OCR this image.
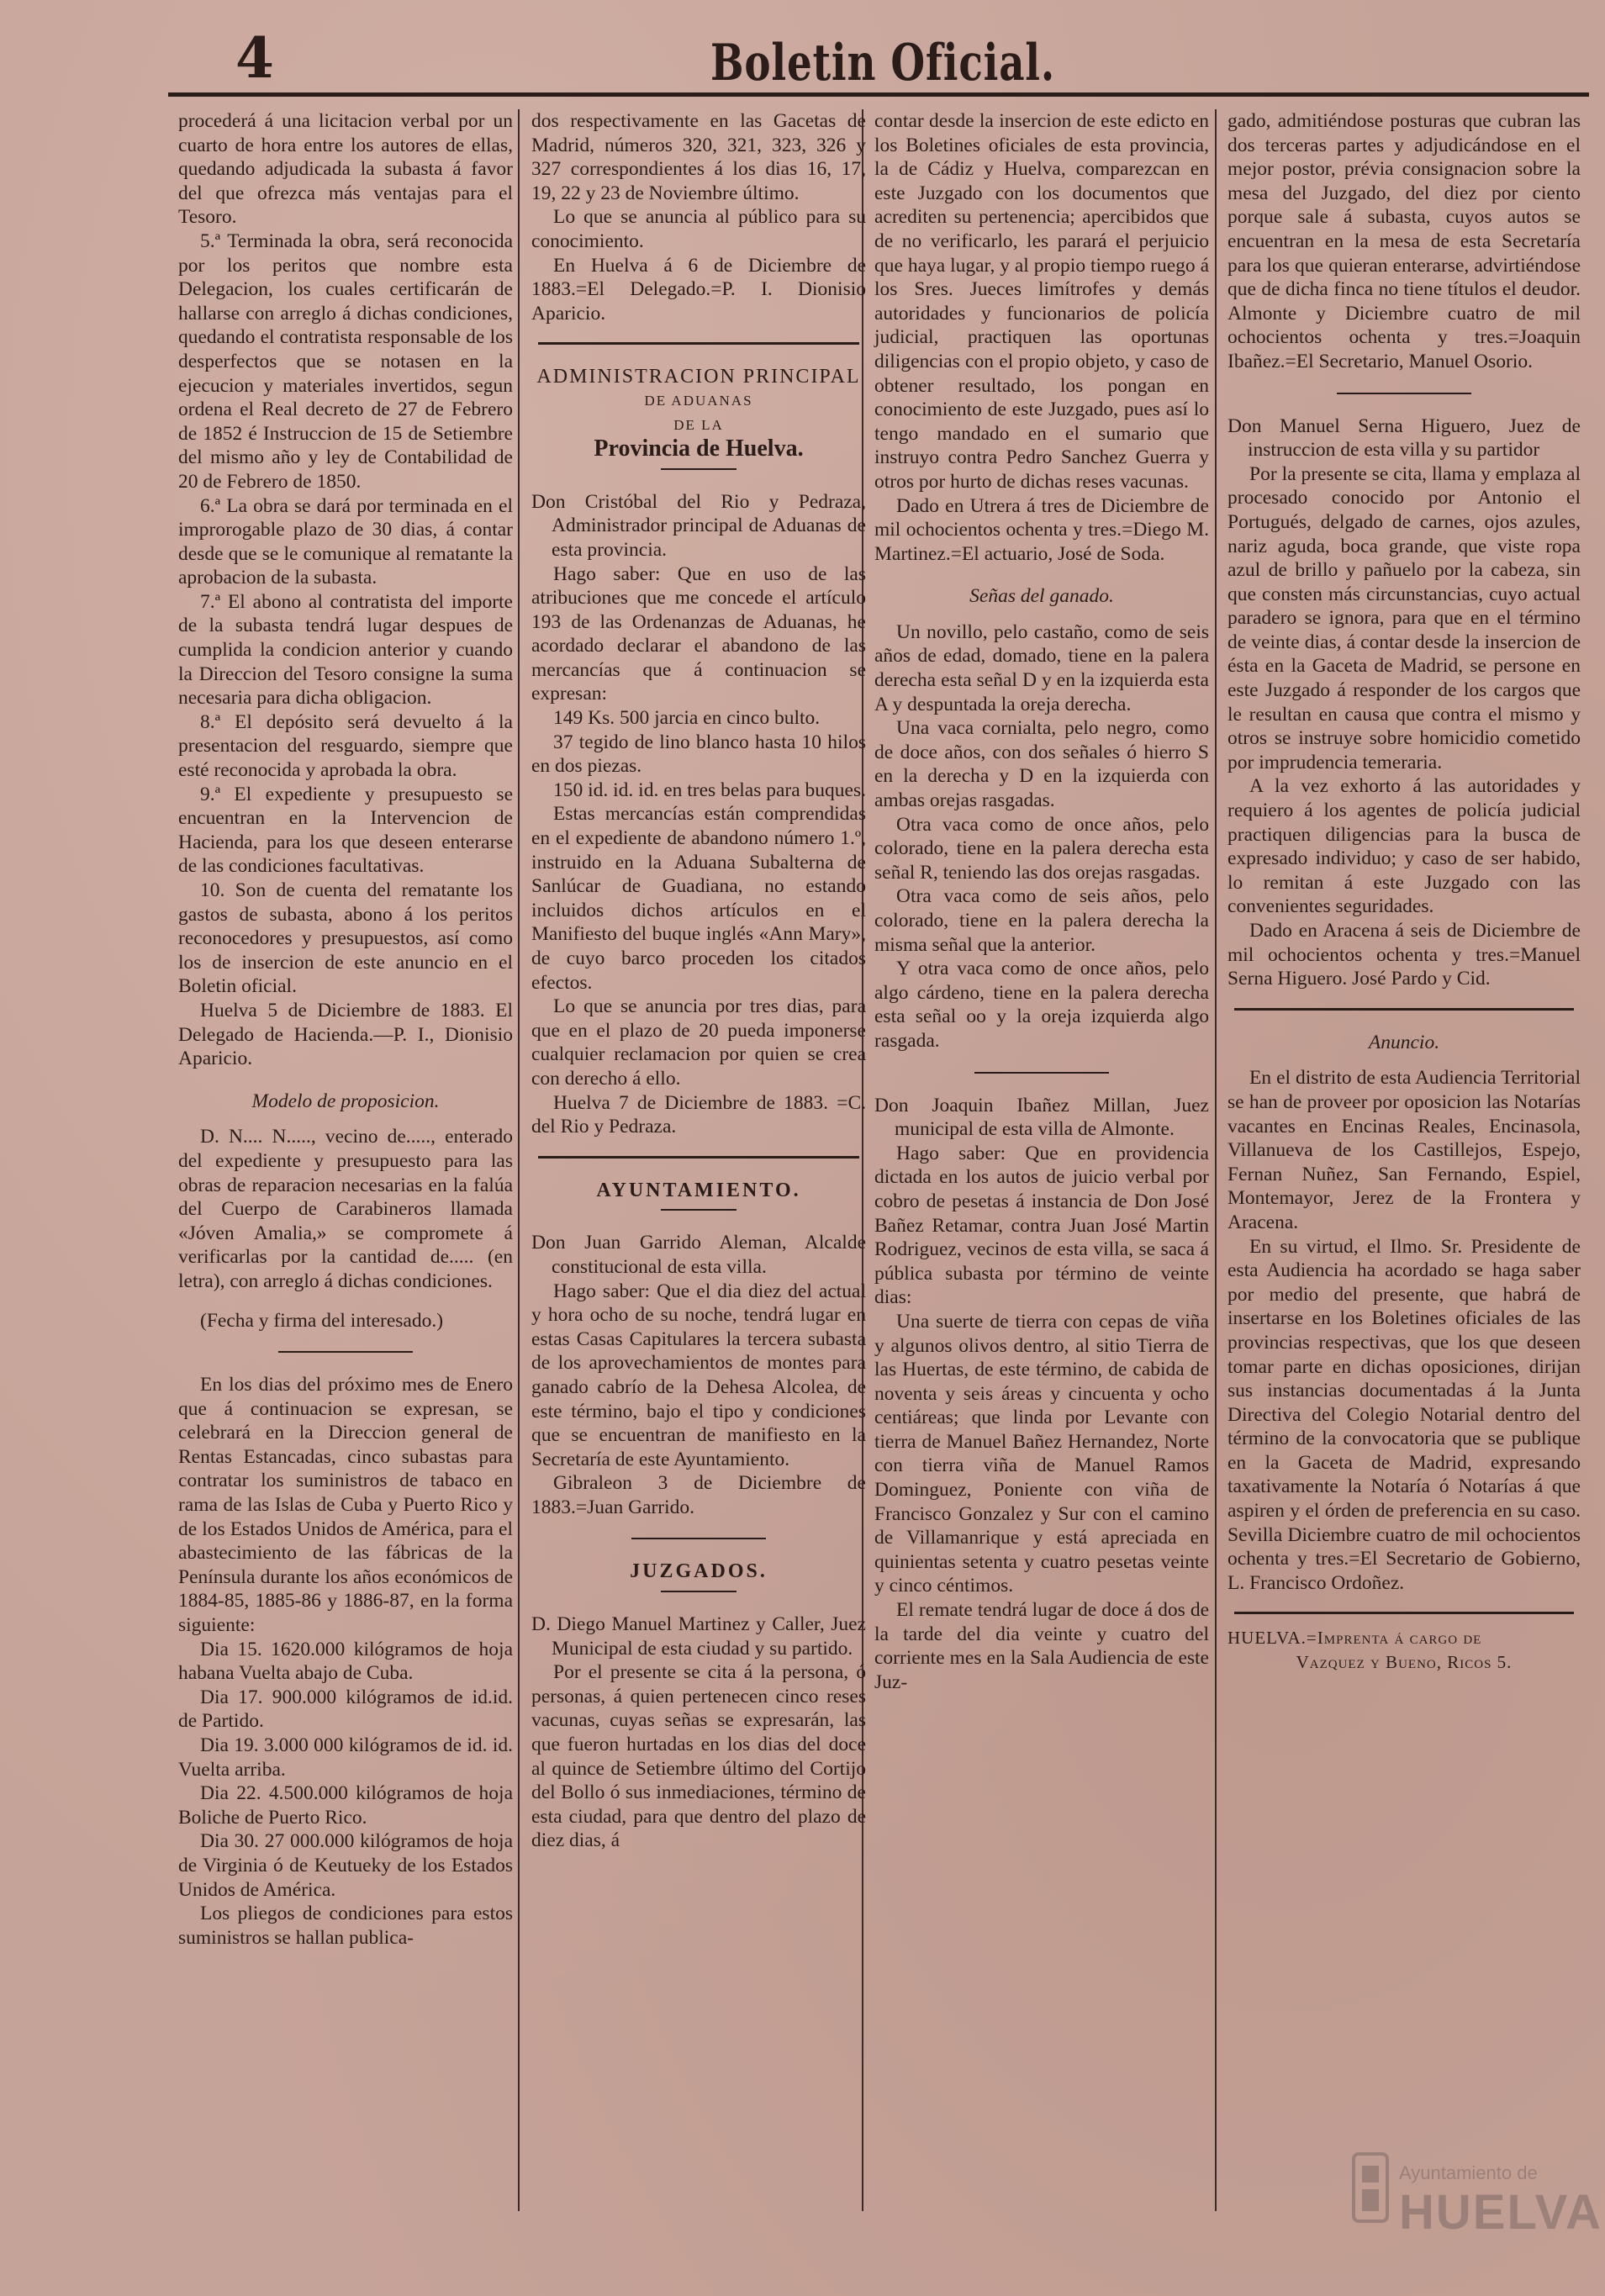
4	Boletin Oficial.

procederá á una licitacion verbal por un cuarto de hora entre los autores de ellas, quedando adjudicada la subasta á favor del que ofrezca más ventajas para el Tesoro.

5.ª Terminada la obra, será reconocida por los peritos que nombre esta Delegacion, los cuales certificarán de hallarse con arreglo á dichas condiciones, quedando el contratista responsable de los desperfectos que se notasen en la ejecucion y materiales invertidos, segun ordena el Real decreto de 27 de Febrero de 1852 é Instruccion de 15 de Setiembre del mismo año y ley de Contabilidad de 20 de Febrero de 1850.

6.ª La obra se dará por terminada en el improrogable plazo de 30 dias, á contar desde que se le comunique al rematante la aprobacion de la subasta.

7.ª El abono al contratista del importe de la subasta tendrá lugar despues de cumplida la condicion anterior y cuando la Direccion del Tesoro consigne la suma necesaria para dicha obligacion.

8.ª El depósito será devuelto á la presentacion del resguardo, siempre que esté reconocida y aprobada la obra.

9.ª El expediente y presupuesto se encuentran en la Intervencion de Hacienda, para los que deseen enterarse de las condiciones facultativas.

10. Son de cuenta del rematante los gastos de subasta, abono á los peritos reconocedores y presupuestos, así como los de insercion de este anuncio en el Boletin oficial.

Huelva 5 de Diciembre de 1883. El Delegado de Hacienda.—P. I., Dionisio Aparicio.

Modelo de proposicion.

D. N.... N....., vecino de....., enterado del expediente y presupuesto para las obras de reparacion necesarias en la falúa del Cuerpo de Carabineros llamada «Jóven Amalia,» se compromete á verificarlas por la cantidad de..... (en letra), con arreglo á dichas condiciones.

(Fecha y firma del interesado.)

En los dias del próximo mes de Enero que á continuacion se expresan, se celebrará en la Direccion general de Rentas Estancadas, cinco subastas para contratar los suministros de tabaco en rama de las Islas de Cuba y Puerto Rico y de los Estados Unidos de América, para el abastecimiento de las fábricas de la Península durante los años económicos de 1884-85, 1885-86 y 1886-87, en la forma siguiente:

Dia 15. 1620.000 kilógramos de hoja habana Vuelta abajo de Cuba.

Dia 17. 900.000 kilógramos de id.id. de Partido.

Dia 19. 3.000 000 kilógramos de id. id. Vuelta arriba.

Dia 22. 4.500.000 kilógramos de hoja Boliche de Puerto Rico.

Dia 30. 27 000.000 kilógramos de hoja de Virginia ó de Keutueky de los Estados Unidos de América.

Los pliegos de condiciones para estos suministros se hallan publica-

dos respectivamente en las Gacetas de Madrid, números 320, 321, 323, 326 y 327 correspondientes á los dias 16, 17, 19, 22 y 23 de Noviembre último.

Lo que se anuncia al público para su conocimiento.

En Huelva á 6 de Diciembre de 1883.=El Delegado.=P. I. Dionisio Aparicio.

ADMINISTRACION PRINCIPAL
DE ADUANAS
DE LA
Provincia de Huelva.

Don Cristóbal del Rio y Pedraza, Administrador principal de Aduanas de esta provincia.

Hago saber: Que en uso de las atribuciones que me concede el artículo 193 de las Ordenanzas de Aduanas, he acordado declarar el abandono de las mercancías que á continuacion se expresan:

149 Ks. 500 jarcia en cinco bulto.

37 tegido de lino blanco hasta 10 hilos en dos piezas.

150 id. id. id. en tres belas para buques.

Estas mercancías están comprendidas en el expediente de abandono número 1.º, instruido en la Aduana Subalterna de Sanlúcar de Guadiana, no estando incluidos dichos artículos en el Manifiesto del buque inglés «Ann Mary», de cuyo barco proceden los citados efectos.

Lo que se anuncia por tres dias, para que en el plazo de 20 pueda imponerse cualquier reclamacion por quien se crea con derecho á ello.

Huelva 7 de Diciembre de 1883. =C. del Rio y Pedraza.

AYUNTAMIENTO.

Don Juan Garrido Aleman, Alcalde constitucional de esta villa.

Hago saber: Que el dia diez del actual y hora ocho de su noche, tendrá lugar en estas Casas Capitulares la tercera subasta de los aprovechamientos de montes para ganado cabrío de la Dehesa Alcolea, de este término, bajo el tipo y condiciones que se encuentran de manifiesto en la Secretaría de este Ayuntamiento.

Gibraleon 3 de Diciembre de 1883.=Juan Garrido.

JUZGADOS.

D. Diego Manuel Martinez y Caller, Juez Municipal de esta ciudad y su partido.

Por el presente se cita á la persona, ó personas, á quien pertenecen cinco reses vacunas, cuyas señas se expresarán, las que fueron hurtadas en los dias del doce al quince de Setiembre último del Cortijo del Bollo ó sus inmediaciones, término de esta ciudad, para que dentro del plazo de diez dias, á

contar desde la insercion de este edicto en los Boletines oficiales de esta provincia, la de Cádiz y Huelva, comparezcan en este Juzgado con los documentos que acrediten su pertenencia; apercibidos que de no verificarlo, les parará el perjuicio que haya lugar, y al propio tiempo ruego á los Sres. Jueces limítrofes y demás autoridades y funcionarios de policía judicial, practiquen las oportunas diligencias con el propio objeto, y caso de obtener resultado, los pongan en conocimiento de este Juzgado, pues así lo tengo mandado en el sumario que instruyo contra Pedro Sanchez Guerra y otros por hurto de dichas reses vacunas.

Dado en Utrera á tres de Diciembre de mil ochocientos ochenta y tres.=Diego M. Martinez.=El actuario, José de Soda.

Señas del ganado.

Un novillo, pelo castaño, como de seis años de edad, domado, tiene en la palera derecha esta señal D y en la izquierda esta A y despuntada la oreja derecha.

Una vaca cornialta, pelo negro, como de doce años, con dos señales ó hierro S en la derecha y D en la izquierda con ambas orejas rasgadas.

Otra vaca como de once años, pelo colorado, tiene en la palera derecha esta señal R, teniendo las dos orejas rasgadas.

Otra vaca como de seis años, pelo colorado, tiene en la palera derecha la misma señal que la anterior.

Y otra vaca como de once años, pelo algo cárdeno, tiene en la palera derecha esta señal oo y la oreja izquierda algo rasgada.

Don Joaquin Ibañez Millan, Juez municipal de esta villa de Almonte.

Hago saber: Que en providencia dictada en los autos de juicio verbal por cobro de pesetas á instancia de Don José Bañez Retamar, contra Juan José Martin Rodriguez, vecinos de esta villa, se saca á pública subasta por término de veinte dias:

Una suerte de tierra con cepas de viña y algunos olivos dentro, al sitio Tierra de las Huertas, de este término, de cabida de noventa y seis áreas y cincuenta y ocho centiáreas; que linda por Levante con tierra de Manuel Bañez Hernandez, Norte con tierra viña de Manuel Ramos Dominguez, Poniente con viña de Francisco Gonzalez y Sur con el camino de Villamanrique y está apreciada en quinientas setenta y cuatro pesetas veinte y cinco céntimos.

El remate tendrá lugar de doce á dos de la tarde del dia veinte y cuatro del corriente mes en la Sala Audiencia de este Juz-

gado, admitiéndose posturas que cubran las dos terceras partes y adjudicándose en el mejor postor, prévia consignacion sobre la mesa del Juzgado, del diez por ciento porque sale á subasta, cuyos autos se encuentran en la mesa de esta Secretaría para los que quieran enterarse, advirtiéndose que de dicha finca no tiene títulos el deudor. Almonte y Diciembre cuatro de mil ochocientos ochenta y tres.=Joaquin Ibañez.=El Secretario, Manuel Osorio.

Don Manuel Serna Higuero, Juez de instruccion de esta villa y su partidor

Por la presente se cita, llama y emplaza al procesado conocido por Antonio el Portugués, delgado de carnes, ojos azules, nariz aguda, boca grande, que viste ropa azul de brillo y pañuelo por la cabeza, sin que consten más circunstancias, cuyo actual paradero se ignora, para que en el término de veinte dias, á contar desde la insercion de ésta en la Gaceta de Madrid, se persone en este Juzgado á responder de los cargos que le resultan en causa que contra el mismo y otros se instruye sobre homicidio cometido por imprudencia temeraria.

A la vez exhorto á las autoridades y requiero á los agentes de policía judicial practiquen diligencias para la busca de expresado individuo; y caso de ser habido, lo remitan á este Juzgado con las convenientes seguridades.

Dado en Aracena á seis de Diciembre de mil ochocientos ochenta y tres.=Manuel Serna Higuero. José Pardo y Cid.

Anuncio.

En el distrito de esta Audiencia Territorial se han de proveer por oposicion las Notarías vacantes en Encinas Reales, Encinasola, Villanueva de los Castillejos, Espejo, Fernan Nuñez, San Fernando, Espiel, Montemayor, Jerez de la Frontera y Aracena.

En su virtud, el Ilmo. Sr. Presidente de esta Audiencia ha acordado se haga saber por medio del presente, que habrá de insertarse en los Boletines oficiales de las provincias respectivas, que los que deseen tomar parte en dichas oposiciones, dirijan sus instancias documentadas á la Junta Directiva del Colegio Notarial dentro del término de la convocatoria que se publique en la Gaceta de Madrid, expresando taxativamente la Notaría ó Notarías á que aspiren y el órden de preferencia en su caso. Sevilla Diciembre cuatro de mil ochocientos ochenta y tres.=El Secretario de Gobierno, L. Francisco Ordoñez.

HUELVA.=Imprenta á cargo de

Vazquez y Bueno, Ricos 5.

Ayuntamiento de
HUELVA
